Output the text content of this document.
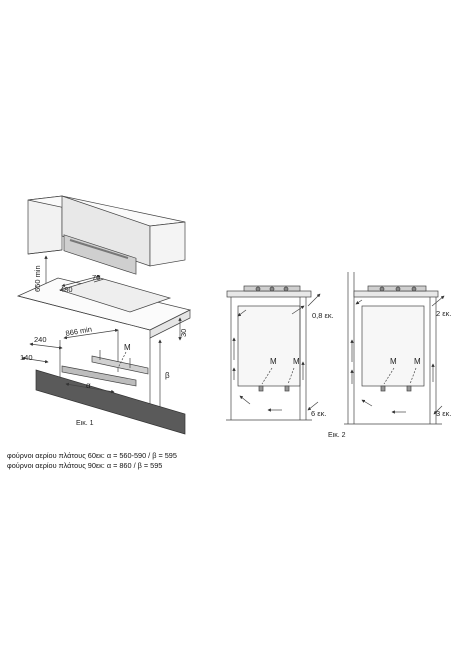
650 min 480
70
30
866 min
240
140
M
β
α
0,8 εκ.
6 εκ.
M M
2 εκ.
3 εκ.
M M
Εικ. 1
Εικ. 2
φούρνοι αερίου πλάτους 60εκ: α = 560-590 / β = 595
φούρνοι αερίου πλάτους 90εκ: α = 860 / β = 595
